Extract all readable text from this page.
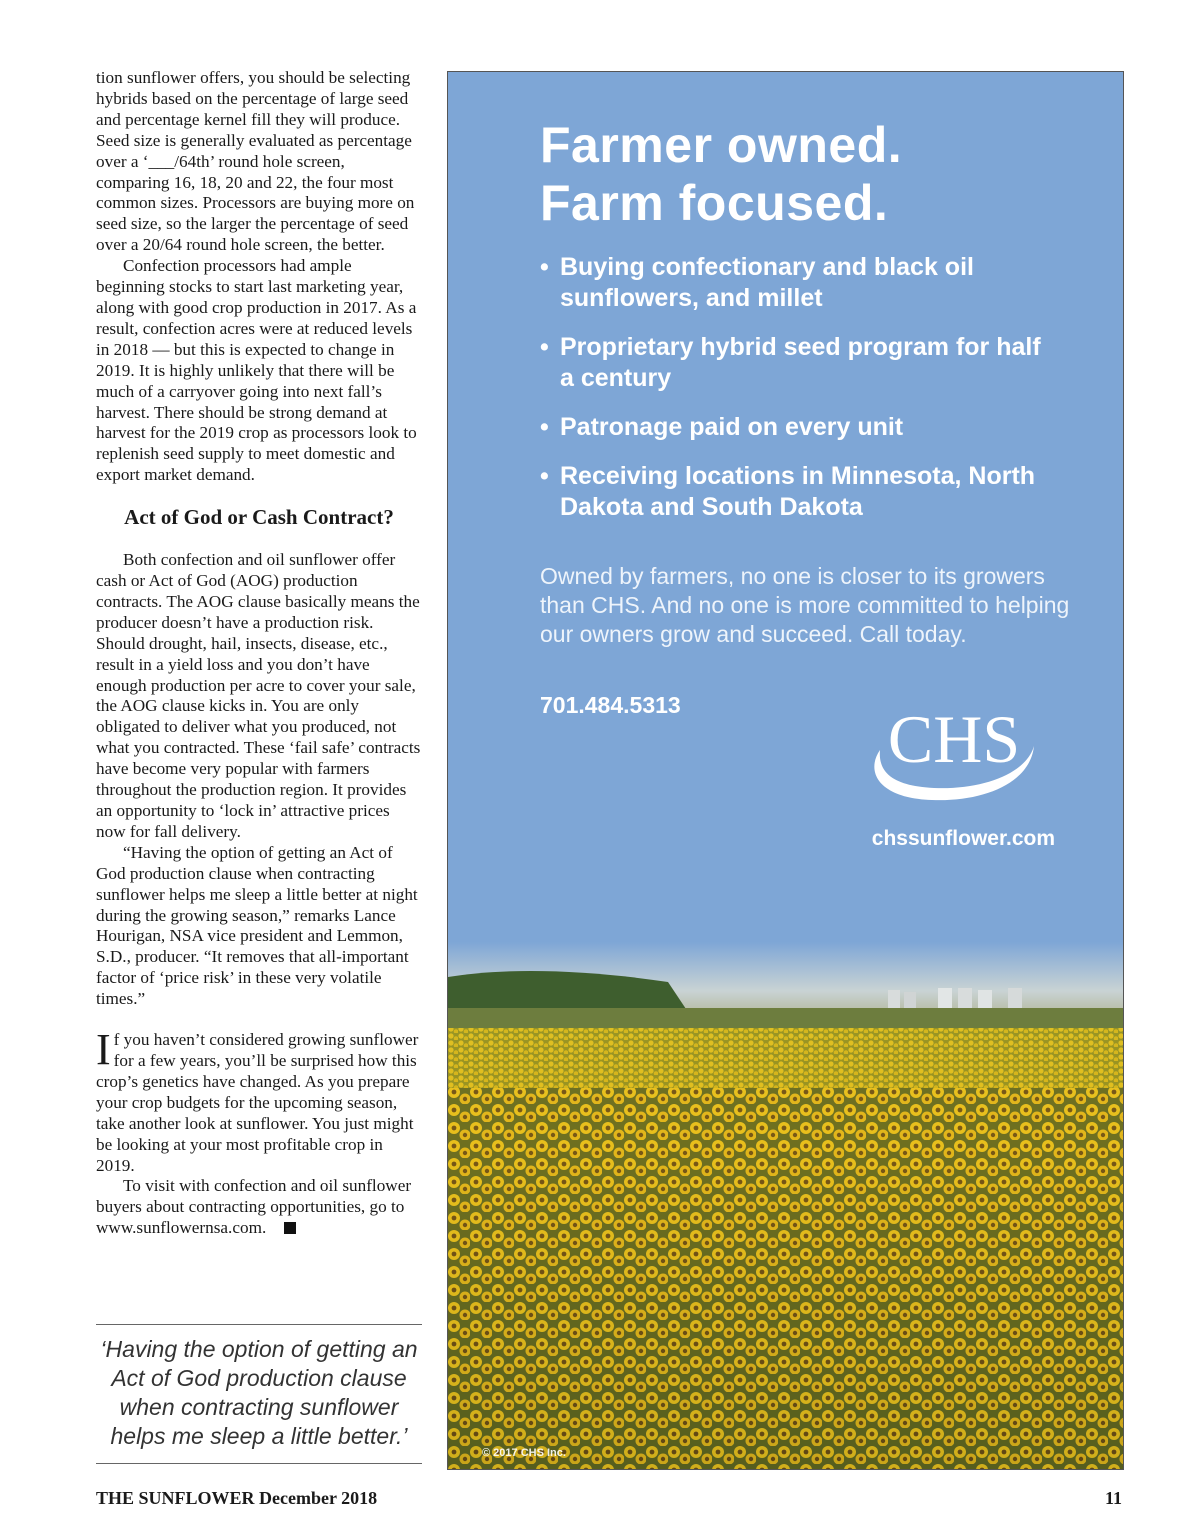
tion sunflower offers, you should be selecting hybrids based on the percentage of large seed and percentage kernel fill they will produce. Seed size is generally evaluated as percentage over a ‘___/64th’ round hole screen, comparing 16, 18, 20 and 22, the four most common sizes. Processors are buying more on seed size, so the larger the percentage of seed over a 20/64 round hole screen, the better.

Confection processors had ample beginning stocks to start last marketing year, along with good crop production in 2017. As a result, confection acres were at reduced levels in 2018 — but this is expected to change in 2019. It is highly unlikely that there will be much of a carryover going into next fall’s harvest. There should be strong demand at harvest for the 2019 crop as processors look to replenish seed supply to meet domestic and export market demand.

Act of God or Cash Contract?

Both confection and oil sunflower offer cash or Act of God (AOG) production contracts. The AOG clause basically means the producer doesn’t have a production risk. Should drought, hail, insects, disease, etc., result in a yield loss and you don’t have enough production per acre to cover your sale, the AOG clause kicks in. You are only obligated to deliver what you produced, not what you contracted. These ‘fail safe’ contracts have become very popular with farmers throughout the production region. It provides an opportunity to ‘lock in’ attractive prices now for fall delivery.

“Having the option of getting an Act of God production clause when contracting sunflower helps me sleep a little better at night during the growing season,” remarks Lance Hourigan, NSA vice president and Lemmon, S.D., producer. “It removes that all-important factor of ‘price risk’ in these very volatile times.”

If you haven’t considered growing sunflower for a few years, you’ll be surprised how this crop’s genetics have changed. As you prepare your crop budgets for the upcoming season, take another look at sunflower. You just might be looking at your most profitable crop in 2019.

To visit with confection and oil sunflower buyers about contracting opportunities, go to www.sunflowernsa.com.

‘Having the option of getting an Act of God production clause when contracting sunflower helps me sleep a little better.’

THE SUNFLOWER December 2018	11
Farmer owned.
Farm focused.
• Buying confectionary and black oil sunflowers, and millet
• Proprietary hybrid seed program for half a century
• Patronage paid on every unit
• Receiving locations in Minnesota, North Dakota and South Dakota
Owned by farmers, no one is closer to its growers than CHS. And no one is more committed to helping our owners grow and succeed. Call today.
701.484.5313	CHS
chssunflower.com
© 2017 CHS Inc.
